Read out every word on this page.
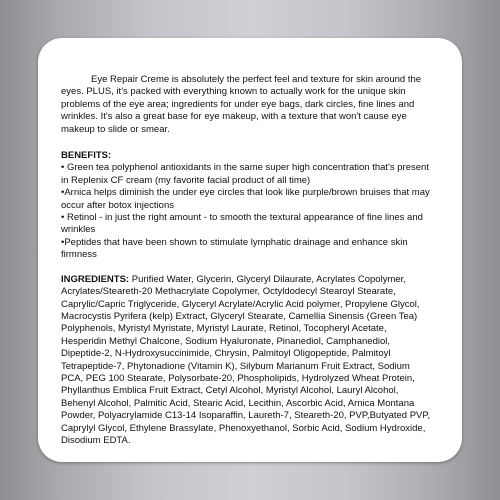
Eye Repair Creme is absolutely the perfect feel and texture for skin around the eyes. PLUS, it's packed with everything known to actually work for the unique skin problems of the eye area; ingredients for under eye bags, dark circles, fine lines and wrinkles. It's also a great base for eye makeup, with a texture that won't cause eye makeup to slide or smear.

BENEFITS:

• Green tea polyphenol antioxidants in the same super high concentration that's present in Replenix CF cream (my favorite facial product of all time)

•Arnica helps diminish the under eye circles that look like purple/brown bruises that may occur after botox injections

• Retinol - in just the right amount - to smooth the textural appearance of fine lines and wrinkles

•Peptides that have been shown to stimulate lymphatic drainage and enhance skin firmness

INGREDIENTS: Purified Water, Glycerin, Glyceryl Dilaurate, Acrylates Copolymer, Acrylates/Steareth-20 Methacrylate Copolymer, Octyldodecyl Stearoyl Stearate, Caprylic/Capric Triglyceride, Glyceryl Acrylate/Acrylic Acid polymer, Propylene Glycol, Macrocystis Pyrifera (kelp) Extract, Glyceryl Stearate, Camellia Sinensis (Green Tea) Polyphenols, Myristyl Myristate, Myristyl Laurate, Retinol, Tocopheryl Acetate, Hesperidin Methyl Chalcone, Sodium Hyaluronate, Pinanediol, Camphanediol, Dipeptide-2, N-Hydroxysuccinimide, Chrysin, Palmitoyl Oligopeptide, Palmitoyl Tetrapeptide-7, Phytonadione (Vitamin K), Silybum Marianum Fruit Extract, Sodium PCA, PEG 100 Stearate, Polysorbate-20, Phospholipids, Hydrolyzed Wheat Protein, Phyllanthus Emblica Fruit Extract, Cetyl Alcohol, Myristyl Alcohol, Lauryl Alcohol, Behenyl Alcohol, Palmitic Acid, Stearic Acid, Lecithin, Ascorbic Acid, Arnica Montana Powder, Polyacrylamide C13-14 Isoparaffin, Laureth-7, Steareth-20, PVP,Butyated PVP, Caprylyl Glycol, Ethylene Brassylate, Phenoxyethanol, Sorbic Acid, Sodium Hydroxide, Disodium EDTA.
